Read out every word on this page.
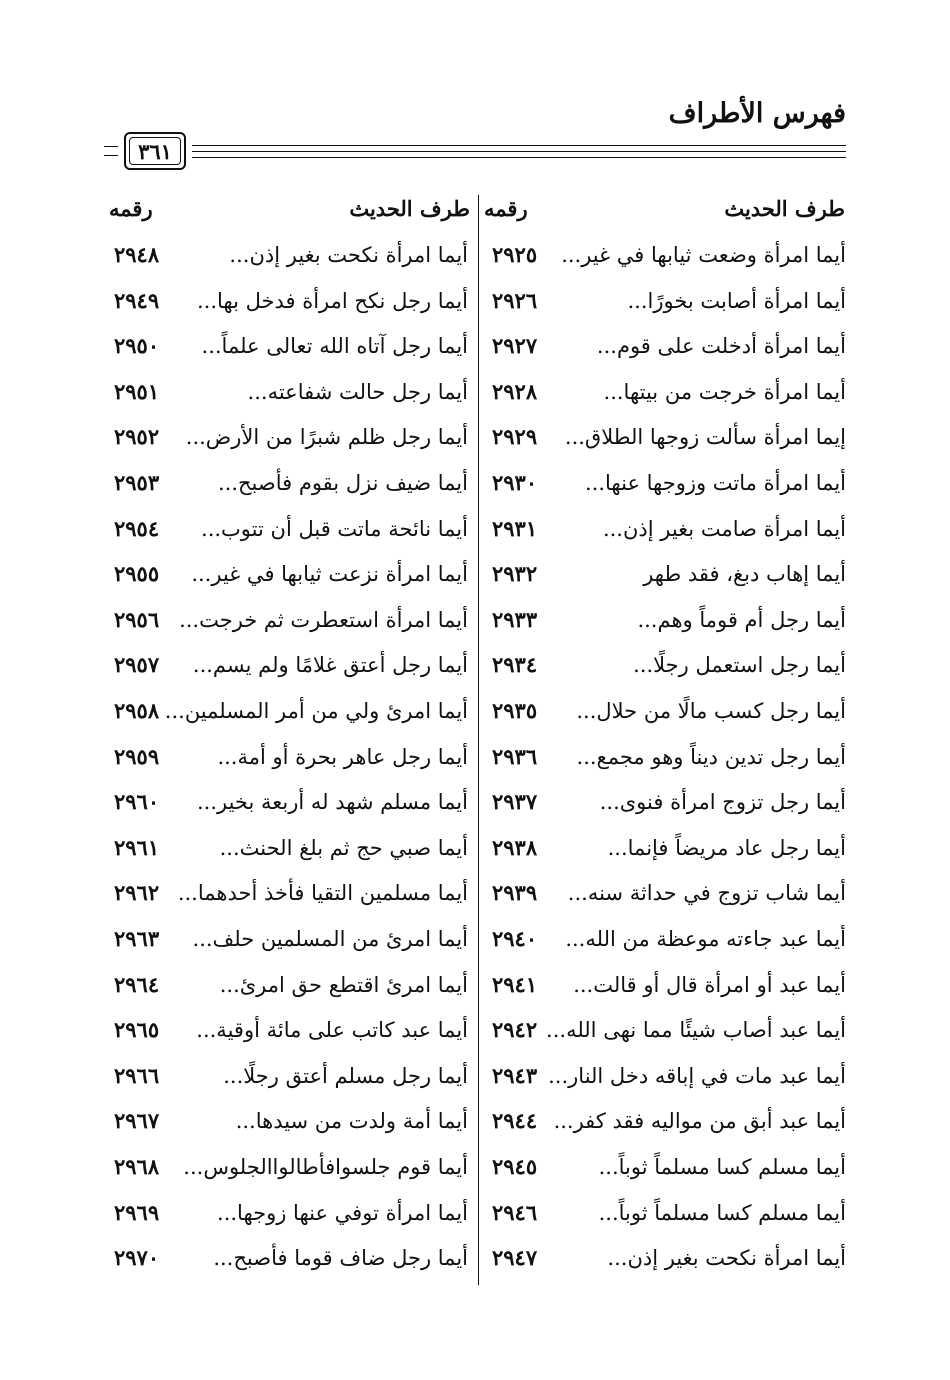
فهرس الأطراف
٣٦١
طرف الحديث
رقمه
طرف الحديث
رقمه
أيما امرأة وضعت ثيابها في غير...
٢٩٢٥
أيما امرأة أصابت بخورًا...
٢٩٢٦
أيما امرأة أدخلت على قوم...
٢٩٢٧
أيما امرأة خرجت من بيتها...
٢٩٢٨
إيما امرأة سألت زوجها الطلاق...
٢٩٢٩
أيما امرأة ماتت وزوجها عنها...
٢٩٣٠
أيما امرأة صامت بغير إذن...
٢٩٣١
أيما إهاب دبغ، فقد طهر
٢٩٣٢
أيما رجل أم قوماً وهم...
٢٩٣٣
أيما رجل استعمل رجلًا...
٢٩٣٤
أيما رجل كسب مالًا من حلال...
٢٩٣٥
أيما رجل تدين ديناً وهو مجمع...
٢٩٣٦
أيما رجل تزوج امرأة فنوى...
٢٩٣٧
أيما رجل عاد مريضاً فإنما...
٢٩٣٨
أيما شاب تزوج في حداثة سنه...
٢٩٣٩
أيما عبد جاءته موعظة من الله...
٢٩٤٠
أيما عبد أو امرأة قال أو قالت...
٢٩٤١
أيما عبد أصاب شيئًا مما نهى الله...
٢٩٤٢
أيما عبد مات في إباقه دخل النار...
٢٩٤٣
أيما عبد أبق من مواليه فقد كفر...
٢٩٤٤
أيما مسلم كسا مسلماً ثوباً...
٢٩٤٥
أيما مسلم كسا مسلماً ثوباً...
٢٩٤٦
أيما امرأة نكحت بغير إذن...
٢٩٤٧
أيما امرأة نكحت بغير إذن...
٢٩٤٨
أيما رجل نكح امرأة فدخل بها...
٢٩٤٩
أيما رجل آتاه الله تعالى علماً...
٢٩٥٠
أيما رجل حالت شفاعته...
٢٩٥١
أيما رجل ظلم شبرًا من الأرض...
٢٩٥٢
أيما ضيف نزل بقوم فأصبح...
٢٩٥٣
أيما نائحة ماتت قبل أن تتوب...
٢٩٥٤
أيما امرأة نزعت ثيابها في غير...
٢٩٥٥
أيما امرأة استعطرت ثم خرجت...
٢٩٥٦
أيما رجل أعتق غلامًا ولم يسم...
٢٩٥٧
أيما امرئ ولي من أمر المسلمين...
٢٩٥٨
أيما رجل عاهر بحرة أو أمة...
٢٩٥٩
أيما مسلم شهد له أربعة بخير...
٢٩٦٠
أيما صبي حج ثم بلغ الحنث...
٢٩٦١
أيما مسلمين التقيا فأخذ أحدهما...
٢٩٦٢
أيما امرئ من المسلمين حلف...
٢٩٦٣
أيما امرئ اقتطع حق امرئ...
٢٩٦٤
أيما عبد كاتب على مائة أوقية...
٢٩٦٥
أيما رجل مسلم أعتق رجلًا...
٢٩٦٦
أيما أمة ولدت من سيدها...
٢٩٦٧
أيما قوم جلسوافأطالواالجلوس...
٢٩٦٨
أيما امرأة توفي عنها زوجها...
٢٩٦٩
أيما رجل ضاف قوما فأصبح...
٢٩٧٠
